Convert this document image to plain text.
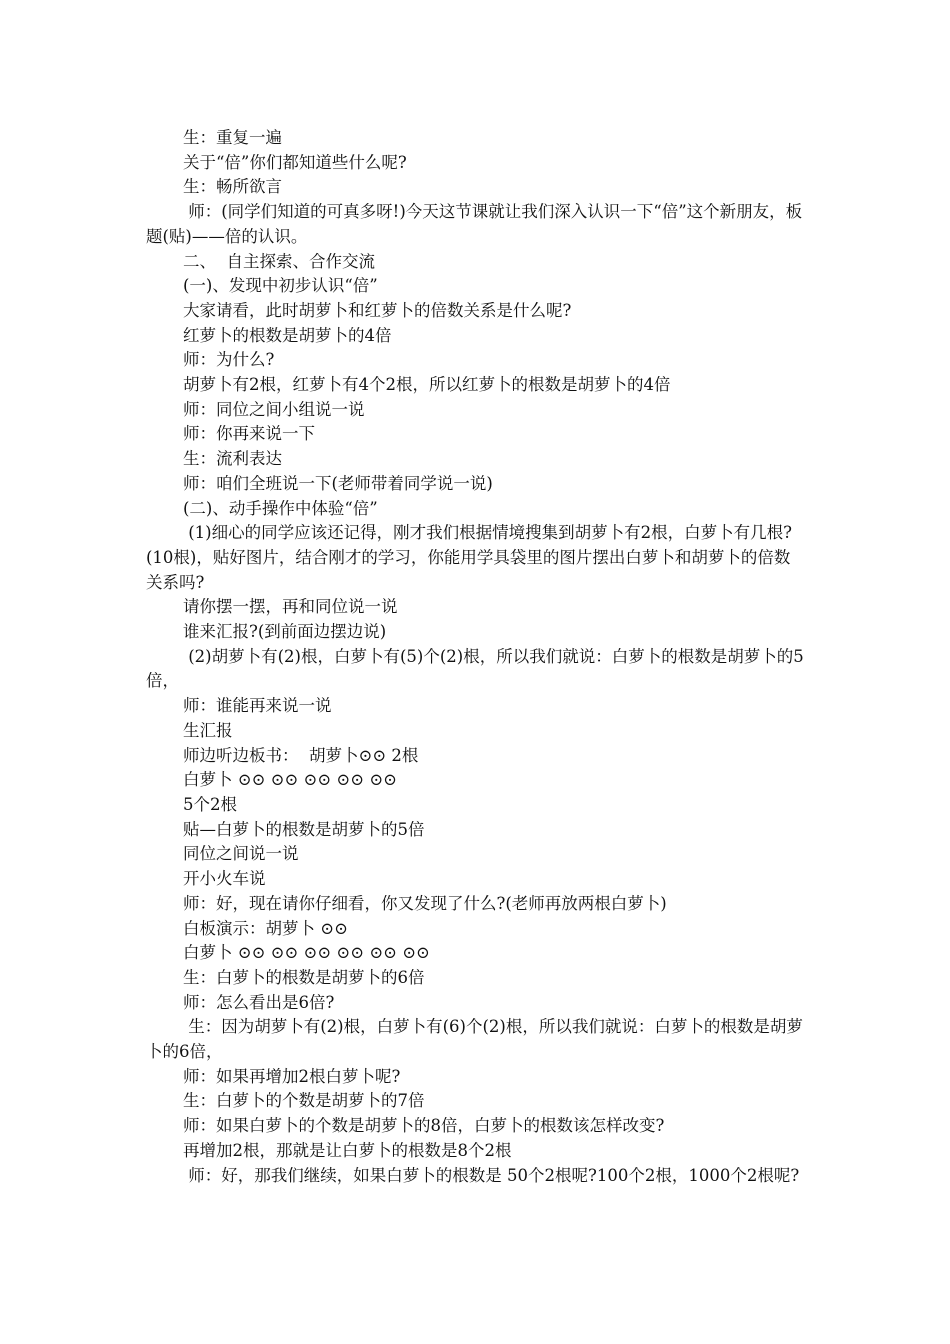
生：重复一遍

关于“倍”你们都知道些什么呢?

生：畅所欲言

师：(同学们知道的可真多呀!)今天这节课就让我们深入认识一下“倍”这个新朋友，板题(贴)——倍的认识。

二、  自主探索、合作交流

(一)、发现中初步认识“倍”

大家请看，此时胡萝卜和红萝卜的倍数关系是什么呢?

红萝卜的根数是胡萝卜的4倍

师：为什么?

胡萝卜有2根，红萝卜有4个2根，所以红萝卜的根数是胡萝卜的4倍

师：同位之间小组说一说

师：你再来说一下

生：流利表达

师：咱们全班说一下(老师带着同学说一说)

(二)、动手操作中体验“倍”

(1)细心的同学应该还记得，刚才我们根据情境搜集到胡萝卜有2根，白萝卜有几根?(10根)，贴好图片，结合刚才的学习，你能用学具袋里的图片摆出白萝卜和胡萝卜的倍数关系吗?

请你摆一摆，再和同位说一说

谁来汇报?(到前面边摆边说)

(2)胡萝卜有(2)根，白萝卜有(5)个(2)根，所以我们就说：白萝卜的根数是胡萝卜的5倍，

师：谁能再来说一说

生汇报

师边听边板书：  胡萝卜⊙⊙ 2根

白萝卜 ⊙⊙ ⊙⊙ ⊙⊙ ⊙⊙ ⊙⊙

5个2根

贴—白萝卜的根数是胡萝卜的5倍

同位之间说一说

开小火车说

师：好，现在请你仔细看，你又发现了什么?(老师再放两根白萝卜)

白板演示：胡萝卜 ⊙⊙

白萝卜 ⊙⊙ ⊙⊙ ⊙⊙ ⊙⊙ ⊙⊙ ⊙⊙

生：白萝卜的根数是胡萝卜的6倍

师：怎么看出是6倍?

生：因为胡萝卜有(2)根，白萝卜有(6)个(2)根，所以我们就说：白萝卜的根数是胡萝卜的6倍，

师：如果再增加2根白萝卜呢?

生：白萝卜的个数是胡萝卜的7倍

师：如果白萝卜的个数是胡萝卜的8倍，白萝卜的根数该怎样改变?

再增加2根，那就是让白萝卜的根数是8个2根

师：好，那我们继续，如果白萝卜的根数是 50个2根呢?100个2根，1000个2根呢?
